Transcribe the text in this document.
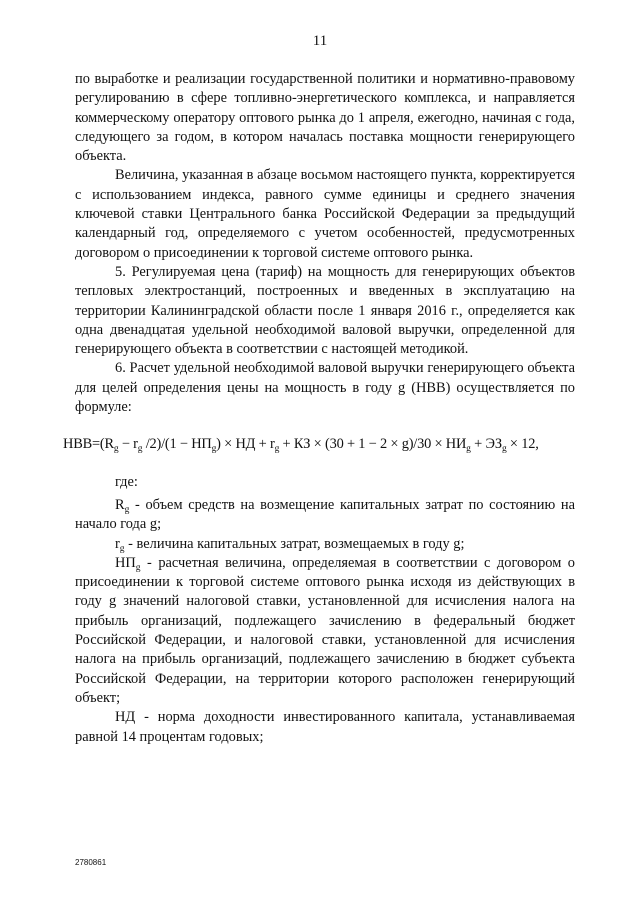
11

по выработке и реализации государственной политики и нормативно-правовому регулированию в сфере топливно-энергетического комплекса, и направляется коммерческому оператору оптового рынка до 1 апреля, ежегодно, начиная с года, следующего за годом, в котором началась поставка мощности генерирующего объекта.

Величина, указанная в абзаце восьмом настоящего пункта, корректируется с использованием индекса, равного сумме единицы и среднего значения ключевой ставки Центрального банка Российской Федерации за предыдущий календарный год, определяемого с учетом особенностей, предусмотренных договором о присоединении к торговой системе оптового рынка.

5. Регулируемая цена (тариф) на мощность для генерирующих объектов тепловых электростанций, построенных и введенных в эксплуатацию на территории Калининградской области после 1 января 2016 г., определяется как одна двенадцатая удельной необходимой валовой выручки, определенной для генерирующего объекта в соответствии с настоящей методикой.

6. Расчет удельной необходимой валовой выручки генерирующего объекта для целей определения цены на мощность в году g (НВВ) осуществляется по формуле:

$НВВ=(R_g - r_g$ $/2)/(1 - НП_g)$ × НД + $r_g$ + КЗ × $(30 + 1 - 2 \times g)/30 \times НИ_g + ЭЗ_g \times 12$,

где:

$R_g$ - объем средств на возмещение капитальных затрат по состоянию на начало года g;

$r_g$ - величина капитальных затрат, возмещаемых в году g;

$НП_g$ - расчетная величина, определяемая в соответствии с договором о присоединении к торговой системе оптового рынка исходя из действующих в году g значений налоговой ставки, установленной для исчисления налога на прибыль организаций, подлежащего зачислению в федеральный бюджет Российской Федерации, и налоговой ставки, установленной для исчисления налога на прибыль организаций, подлежащего зачислению в бюджет субъекта Российской Федерации, на территории которого расположен генерирующий объект;

НД - норма доходности инвестированного капитала, устанавливаемая равной 14 процентам годовых;

2780861
